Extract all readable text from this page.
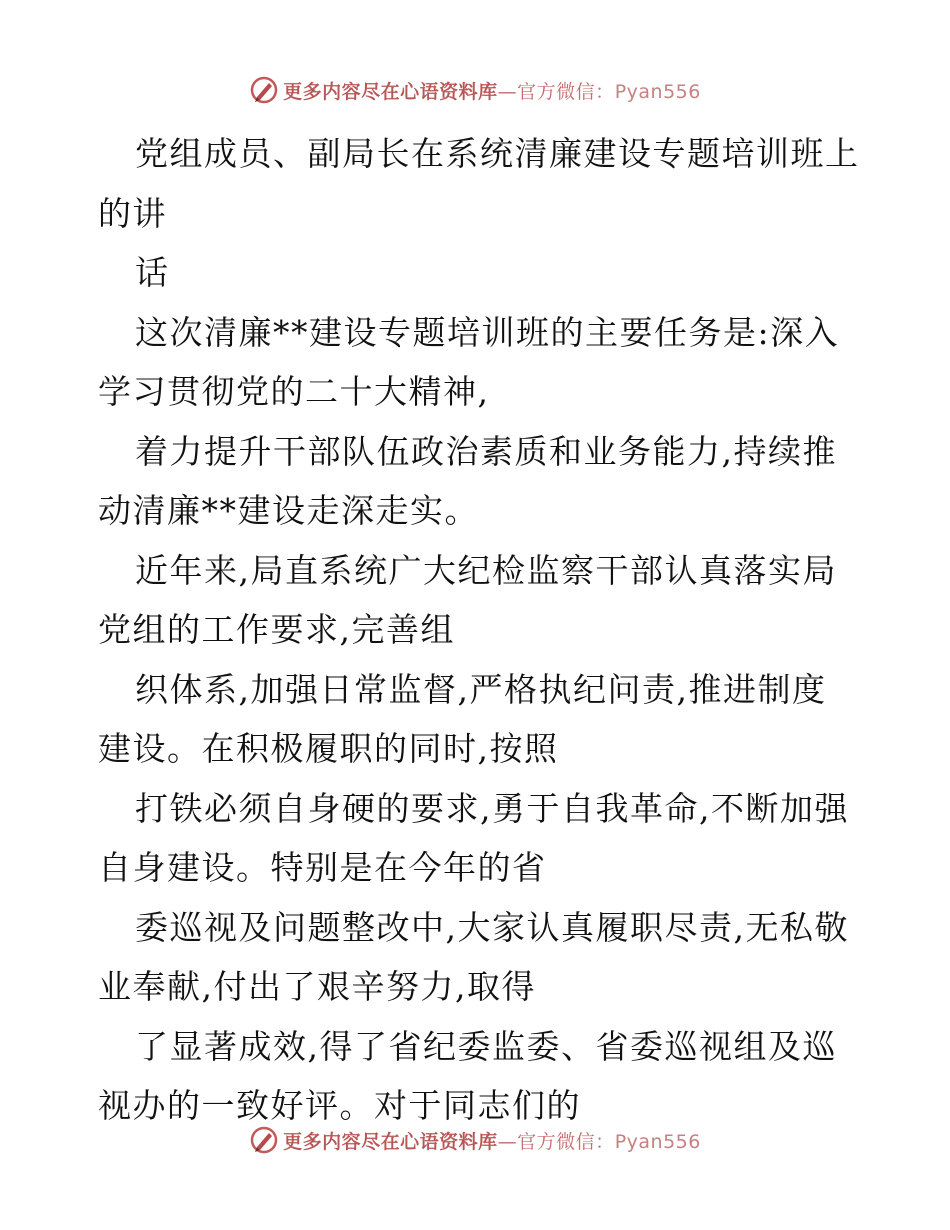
更多内容尽在心语资料库—官方微信：Pyan556

党组成员、副局长在系统清廉建设专题培训班上
的讲

话

这次清廉**建设专题培训班的主要任务是:深入
学习贯彻党的二十大精神,

着力提升干部队伍政治素质和业务能力,持续推
动清廉**建设走深走实。

近年来,局直系统广大纪检监察干部认真落实局
党组的工作要求,完善组

织体系,加强日常监督,严格执纪问责,推进制度
建设。在积极履职的同时,按照

打铁必须自身硬的要求,勇于自我革命,不断加强
自身建设。特别是在今年的省

委巡视及问题整改中,大家认真履职尽责,无私敬
业奉献,付出了艰辛努力,取得

了显著成效,得了省纪委监委、省委巡视组及巡
视办的一致好评。对于同志们的

更多内容尽在心语资料库—官方微信：Pyan556
